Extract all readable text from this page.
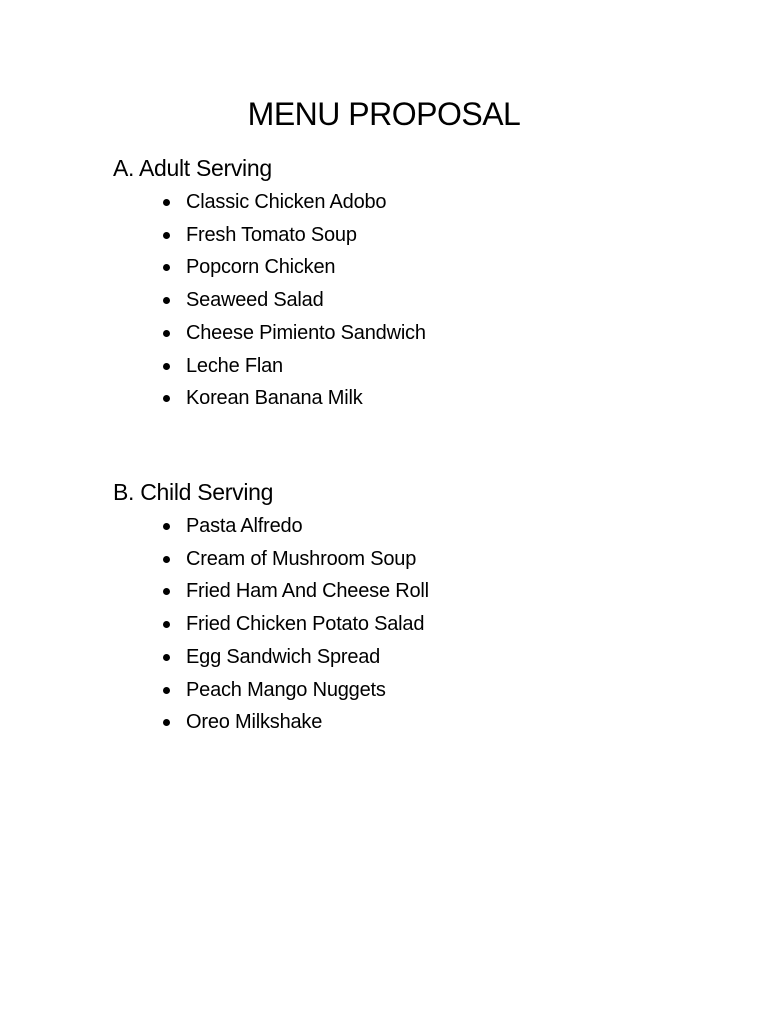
MENU PROPOSAL
A. Adult Serving
Classic Chicken Adobo
Fresh Tomato Soup
Popcorn Chicken
Seaweed Salad
Cheese Pimiento Sandwich
Leche Flan
Korean Banana Milk
B. Child Serving
Pasta Alfredo
Cream of Mushroom Soup
Fried Ham And Cheese Roll
Fried Chicken Potato Salad
Egg Sandwich Spread
Peach Mango Nuggets
Oreo Milkshake
